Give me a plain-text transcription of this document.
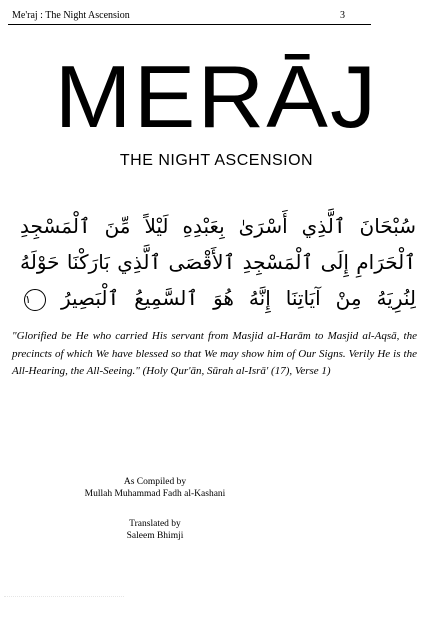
Me'raj : The Night Ascension	3
MERĀJ
THE NIGHT ASCENSION
سُبْحَانَ ٱلَّذِي أَسْرَىٰ بِعَبْدِهِ لَيْلاً مِّنَ ٱلْمَسْجِدِ
ٱلْحَرَامِ إِلَى ٱلْمَسْجِدِ ٱلأَقْصَى ٱلَّذِي بَارَكْنَا حَوْلَهُ
لِنُرِيَهُ مِنْ آيَاتِنَا إِنَّهُ هُوَ ٱلسَّمِيعُ ٱلْبَصِيرُ ١
"Glorified be He who carried His servant from Masjid al-Harām to Masjid al-Aqsā, the precincts of which We have blessed so that We may show him of Our Signs. Verily He is the All-Hearing, the All-Seeing." (Holy Qur'ān, Sūrah al-Isrā' (17), Verse 1)
As Compiled by
Mullah Muhammad Fadh al-Kashani
Translated by
Saleem Bhimji
